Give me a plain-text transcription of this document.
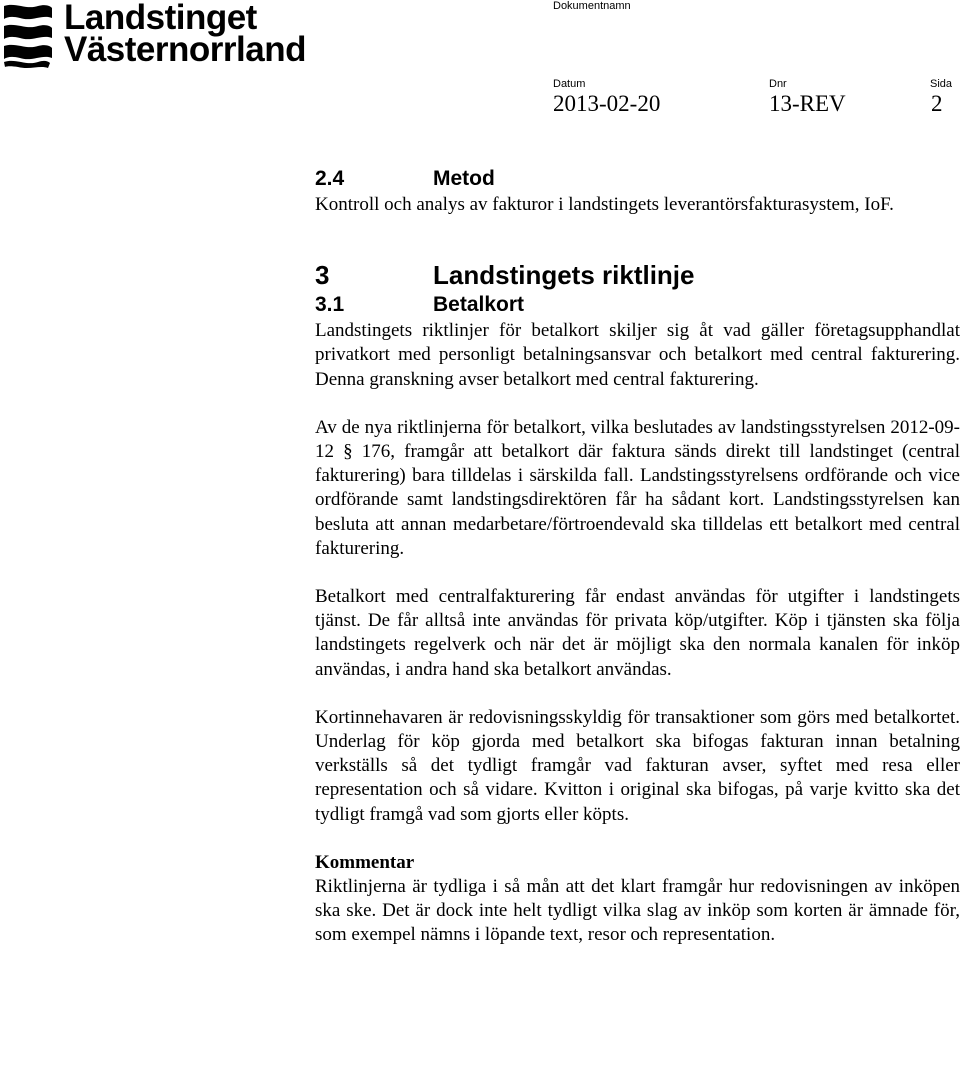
Landstinget
Västernorrland
Dokumentnamn
Datum
2013-02-20
Dnr
13-REV
Sida
2
2.4	Metod

Kontroll och analys av fakturor i landstingets leverantörsfakturasystem, IoF.

3	Landstingets riktlinje
3.1	Betalkort

Landstingets riktlinjer för betalkort skiljer sig åt vad gäller företagsupphandlat privatkort med personligt betalningsansvar och betalkort med central fakturering. Denna granskning avser betalkort med central fakturering.

Av de nya riktlinjerna för betalkort, vilka beslutades av landstingsstyrelsen 2012-09-12 § 176, framgår att betalkort där faktura sänds direkt till landstinget (central fakturering) bara tilldelas i särskilda fall. Landstingsstyrelsens ordförande och vice ordförande samt landstingsdirektören får ha sådant kort. Landstingsstyrelsen kan besluta att annan medarbetare/förtroendevald ska tilldelas ett betalkort med central fakturering.

Betalkort med centralfakturering får endast användas för utgifter i landstingets tjänst. De får alltså inte användas för privata köp/utgifter. Köp i tjänsten ska följa landstingets regelverk och när det är möjligt ska den normala kanalen för inköp användas, i andra hand ska betalkort användas.

Kortinnehavaren är redovisningsskyldig för transaktioner som görs med betalkortet. Underlag för köp gjorda med betalkort ska bifogas fakturan innan betalning verkställs så det tydligt framgår vad fakturan avser, syftet med resa eller representation och så vidare. Kvitton i original ska bifogas, på varje kvitto ska det tydligt framgå vad som gjorts eller köpts.

Kommentar

Riktlinjerna är tydliga i så mån att det klart framgår hur redovisningen av inköpen ska ske. Det är dock inte helt tydligt vilka slag av inköp som korten är ämnade för, som exempel nämns i löpande text, resor och representation.
